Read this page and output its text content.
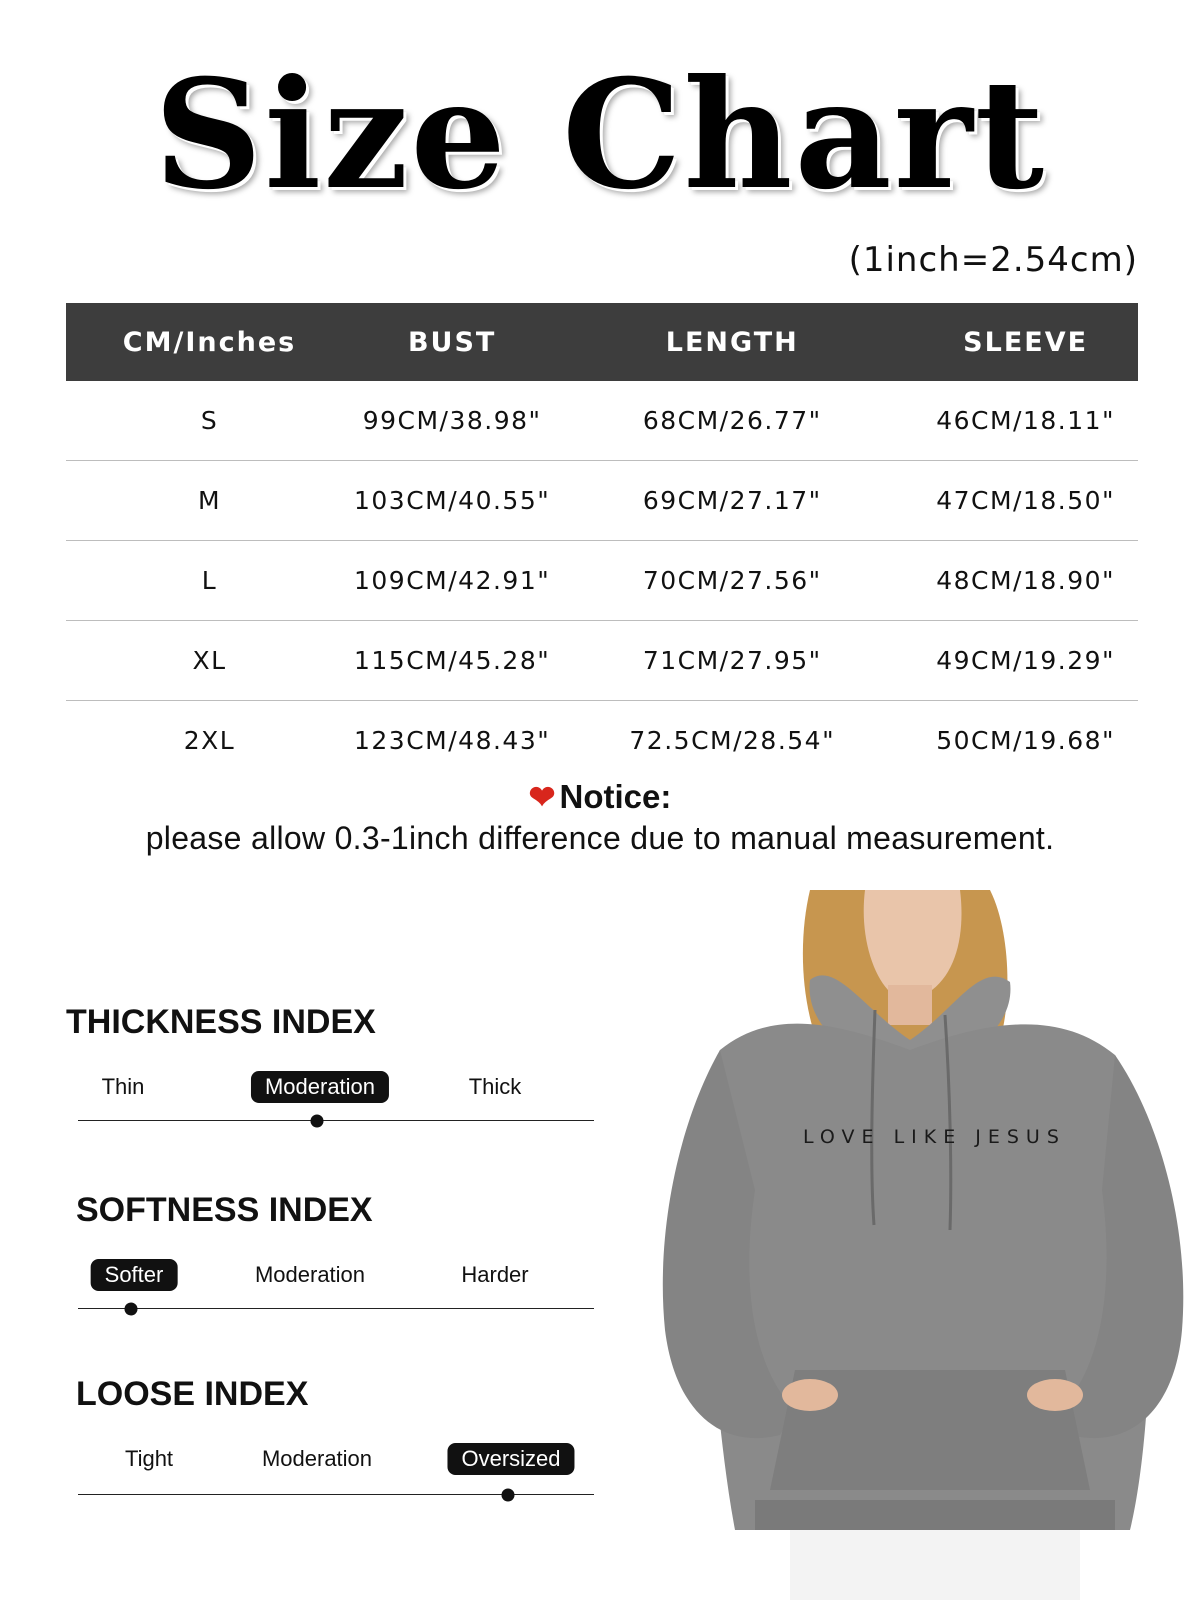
Size Chart
(1inch=2.54cm)
CM/Inches	BUST	LENGTH	SLEEVE
S	99CM/38.98"	68CM/26.77"	46CM/18.11"
M	103CM/40.55"	69CM/27.17"	47CM/18.50"
L	109CM/42.91"	70CM/27.56"	48CM/18.90"
XL	115CM/45.28"	71CM/27.95"	49CM/19.29"
2XL	123CM/48.43"	72.5CM/28.54"	50CM/19.68"
❤ Notice:
please allow 0.3-1inch difference due to manual measurement.
THICKNESS INDEX
Thin	Moderation	Thick
SOFTNESS INDEX
Softer	Moderation	Harder
LOOSE INDEX
Tight	Moderation	Oversized
LOVE LIKE JESUS
